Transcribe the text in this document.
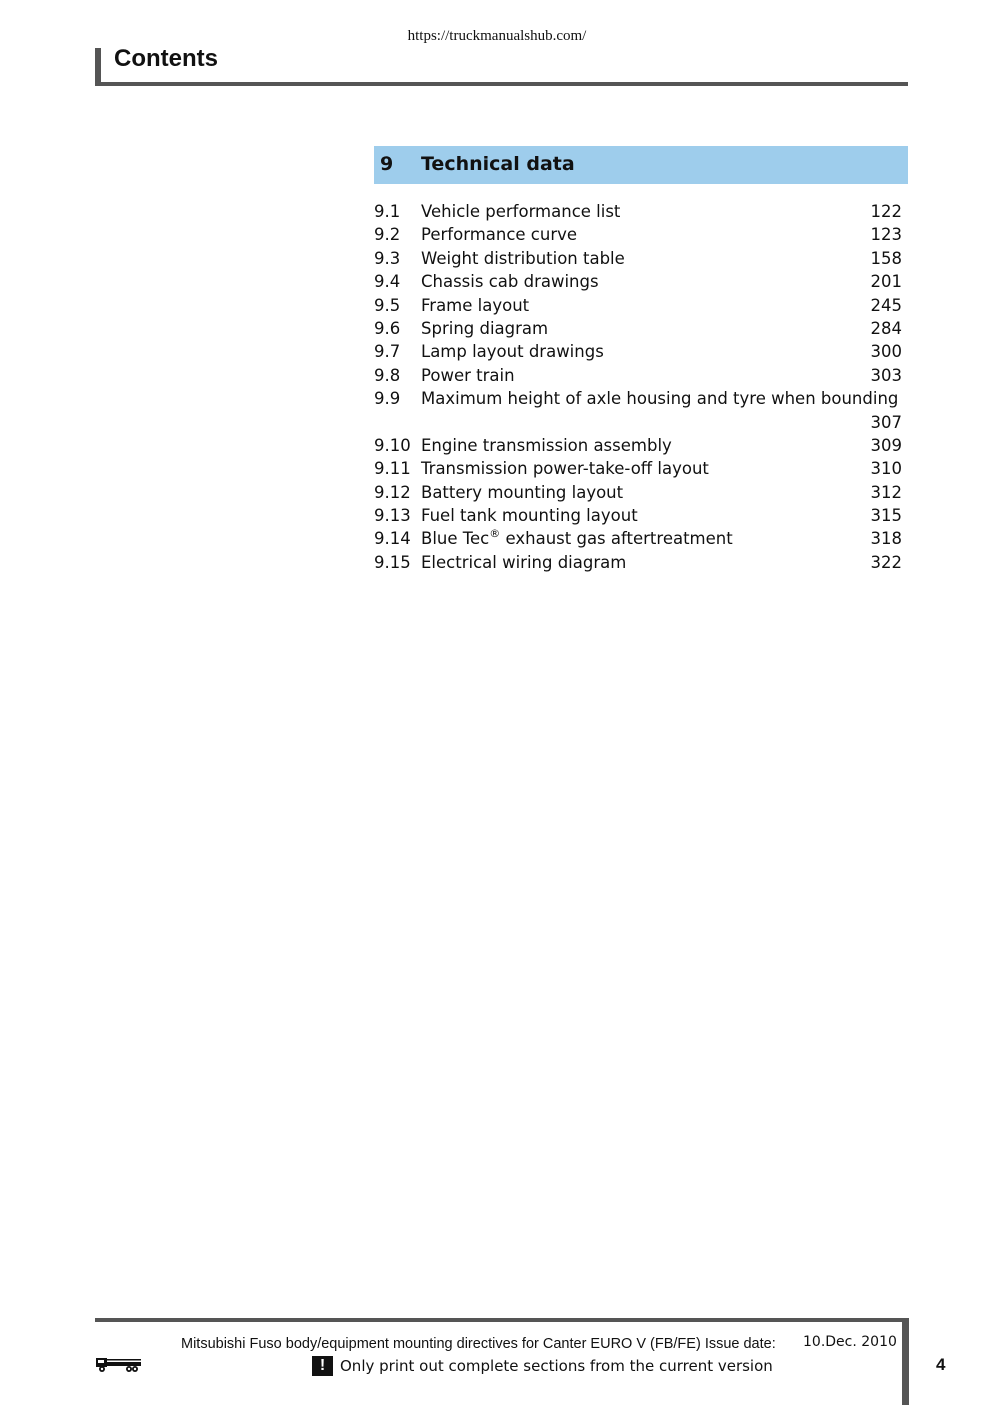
https://truckmanualshub.com/
Contents
9 Technical data
9.1 Vehicle performance list	122
9.2 Performance curve	123
9.3 Weight distribution table	158
9.4 Chassis cab drawings	201
9.5 Frame layout	245
9.6 Spring diagram	284
9.7 Lamp layout drawings	300
9.8 Power train	303
9.9 Maximum height of axle housing and tyre when bounding
307
9.10 Engine transmission assembly	309
9.11 Transmission power-take-off layout	310
9.12 Battery mounting layout	312
9.13 Fuel tank mounting layout	315
9.14 Blue Tec® exhaust gas aftertreatment	318
9.15 Electrical wiring diagram	322
Mitsubishi Fuso body/equipment mounting directives for Canter EURO V (FB/FE) Issue date: 10.Dec. 2010
! Only print out complete sections from the current version	4
